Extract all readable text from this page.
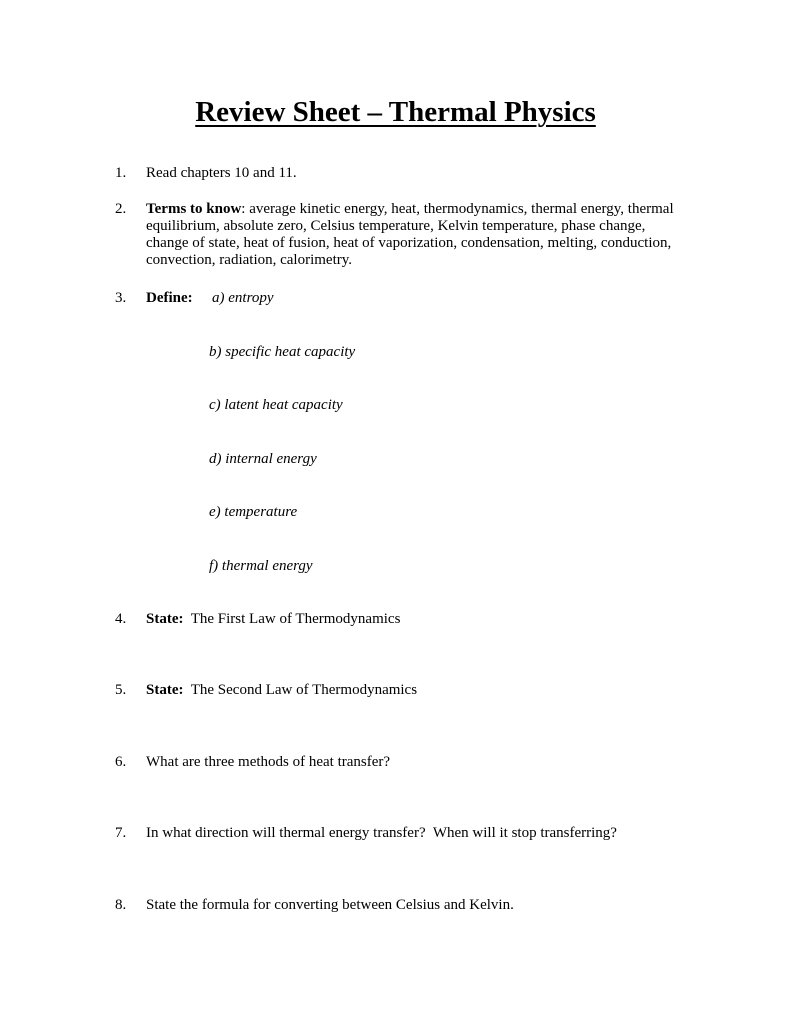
Review Sheet – Thermal Physics
1. Read chapters 10 and 11.
2. Terms to know: average kinetic energy, heat, thermodynamics, thermal energy, thermal equilibrium, absolute zero, Celsius temperature, Kelvin temperature, phase change, change of state, heat of fusion, heat of vaporization, condensation, melting, conduction, convection, radiation, calorimetry.
3. Define:	a) entropy
b) specific heat capacity
c) latent heat capacity
d) internal energy
e) temperature
f) thermal energy
4. State:  The First Law of Thermodynamics
5. State:  The Second Law of Thermodynamics
6. What are three methods of heat transfer?
7. In what direction will thermal energy transfer?  When will it stop transferring?
8. State the formula for converting between Celsius and Kelvin.
